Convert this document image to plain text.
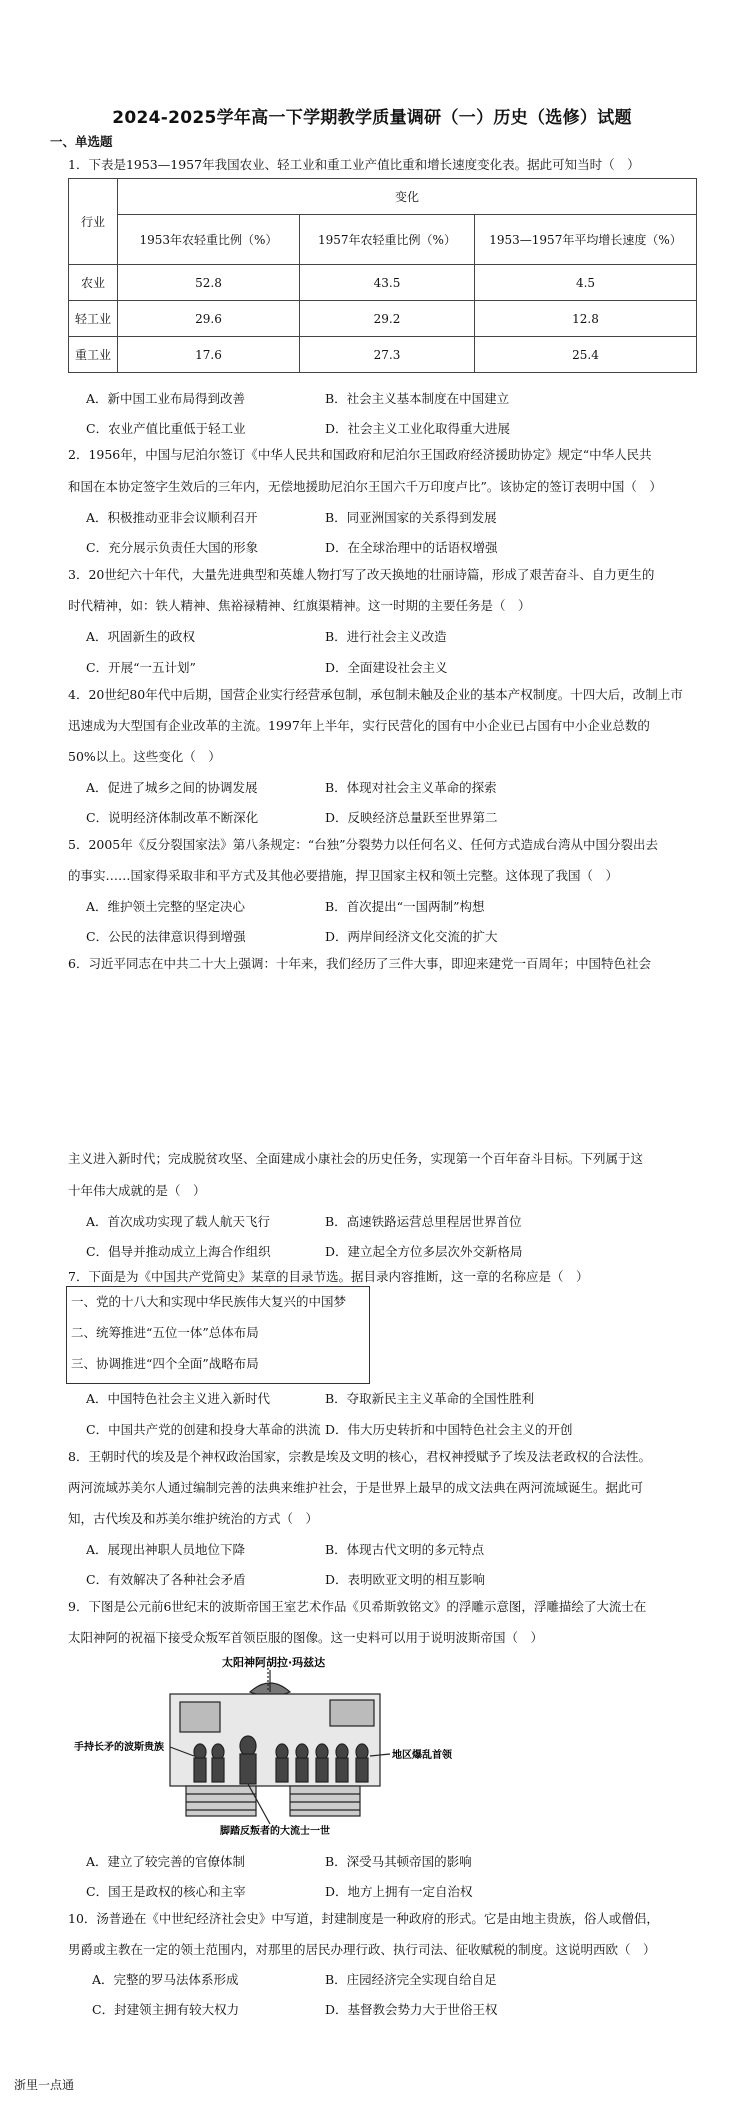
2024-2025学年高一下学期教学质量调研（一）历史（选修）试题
一、单选题
1．下表是1953—1957年我国农业、轻工业和重工业产值比重和增长速度变化表。据此可知当时（　）
行业	变化		
	1953年农轻重比例（%）	1957年农轻重比例（%）	1953—1957年平均增长速度（%）
农业	52.8	43.5	4.5
轻工业	29.6	29.2	12.8
重工业	17.6	27.3	25.4
A．新中国工业布局得到改善	B．社会主义基本制度在中国建立
C．农业产值比重低于轻工业	D．社会主义工业化取得重大进展
2．1956年，中国与尼泊尔签订《中华人民共和国政府和尼泊尔王国政府经济援助协定》规定“中华人民共
和国在本协定签字生效后的三年内，无偿地援助尼泊尔王国六千万印度卢比”。该协定的签订表明中国（　）
A．积极推动亚非会议顺利召开	B．同亚洲国家的关系得到发展
C．充分展示负责任大国的形象	D．在全球治理中的话语权增强
3．20世纪六十年代，大量先进典型和英雄人物打写了改天换地的壮丽诗篇，形成了艰苦奋斗、自力更生的
时代精神，如：铁人精神、焦裕禄精神、红旗渠精神。这一时期的主要任务是（　）
A．巩固新生的政权	B．进行社会主义改造
C．开展“一五计划”	D．全面建设社会主义
4．20世纪80年代中后期，国营企业实行经营承包制，承包制未触及企业的基本产权制度。十四大后，改制上市
迅速成为大型国有企业改革的主流。1997年上半年，实行民营化的国有中小企业已占国有中小企业总数的
50%以上。这些变化（　）
A．促进了城乡之间的协调发展	B．体现对社会主义革命的探索
C．说明经济体制改革不断深化	D．反映经济总量跃至世界第二
5．2005年《反分裂国家法》第八条规定：“台独”分裂势力以任何名义、任何方式造成台湾从中国分裂出去
的事实……国家得采取非和平方式及其他必要措施，捍卫国家主权和领土完整。这体现了我国（　）
A．维护领土完整的坚定决心	B．首次提出“一国两制”构想
C．公民的法律意识得到增强	D．两岸间经济文化交流的扩大
6．习近平同志在中共二十大上强调：十年来，我们经历了三件大事，即迎来建党一百周年；中国特色社会
主义进入新时代；完成脱贫攻坚、全面建成小康社会的历史任务，实现第一个百年奋斗目标。下列属于这
十年伟大成就的是（　）
A．首次成功实现了载人航天飞行	B．高速铁路运营总里程居世界首位
C．倡导并推动成立上海合作组织	D．建立起全方位多层次外交新格局
7．下面是为《中国共产党简史》某章的目录节选。据目录内容推断，这一章的名称应是（　）
一、党的十八大和实现中华民族伟大复兴的中国梦
二、统筹推进“五位一体”总体布局
三、协调推进“四个全面”战略布局
A．中国特色社会主义进入新时代	B．夺取新民主主义革命的全国性胜利
C．中国共产党的创建和投身大革命的洪流 D．伟大历史转折和中国特色社会主义的开创
8．王朝时代的埃及是个神权政治国家，宗教是埃及文明的核心，君权神授赋予了埃及法老政权的合法性。
两河流域苏美尔人通过编制完善的法典来维护社会，于是世界上最早的成文法典在两河流域诞生。据此可
知，古代埃及和苏美尔维护统治的方式（　）
A．展现出神职人员地位下降	B．体现古代文明的多元特点
C．有效解决了各种社会矛盾	D．表明欧亚文明的相互影响
9．下图是公元前6世纪末的波斯帝国王室艺术作品《贝希斯敦铭文》的浮雕示意图，浮雕描绘了大流士在
太阳神阿的祝福下接受众叛军首领臣服的图像。这一史料可以用于说明波斯帝国（　）
太阳神阿胡拉·玛兹达
手持长矛的波斯贵族
地区爆乱首领
脚踏反叛者的大流士一世
A．建立了较完善的官僚体制	B．深受马其顿帝国的影响
C．国王是政权的核心和主宰	D．地方上拥有一定自治权
10．汤普逊在《中世纪经济社会史》中写道，封建制度是一种政府的形式。它是由地主贵族，俗人或僧侣，
男爵或主教在一定的领土范围内，对那里的居民办理行政、执行司法、征收赋税的制度。这说明西欧（　）
A．完整的罗马法体系形成	B．庄园经济完全实现自给自足
C．封建领主拥有较大权力	D．基督教会势力大于世俗王权
浙里一点通
